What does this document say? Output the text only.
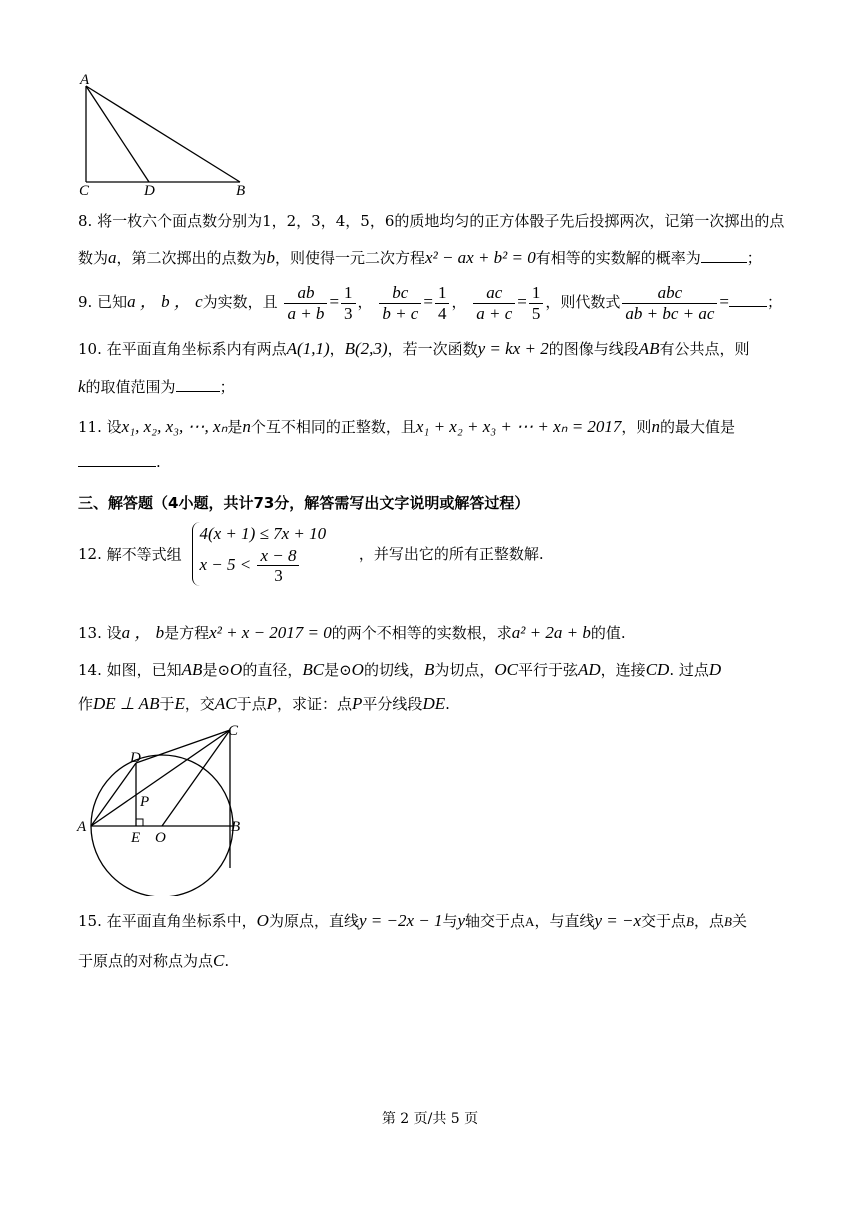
A
C	D	B
8. 将一枚六个面点数分别为1，2，3，4，5，6的质地均匀的正方体骰子先后投掷两次，记第一次掷出的点
数为a，第二次掷出的点数为b，则使得一元二次方程x² − ax + b² = 0有相等的实数解的概率为	；
9. 已知a ， b ， c为实数，且 $\frac{ab}{a + b} = \frac{1}{3}$ ， $\frac{bc}{b + c} = \frac{1}{4}$ ， $\frac{ac}{a + c} = \frac{1}{5}$ ，则代数式 $\frac{\text{abc}}{ab + bc + ac}$ =	；
10. 在平面直角坐标系内有两点A(1,1)，B(2,3)，若一次函数y = kx + 2的图像与线段AB有公共点，则
k的取值范围为	；
11. 设x₁, x₂, x₃, ⋯, xₙ是n个互不相同的正整数，且x₁ + x₂ + x₃ + ⋯ + xₙ = 2017，则n的最大值是
.
三、解答题（4小题，共计73分，解答需写出文字说明或解答过程）
12. 解不等式组
4(x + 1) ≤ 7x + 10
$x - 5 < \frac{x - 8}{3}$	，并写出它的所有正整数解.
13. 设a ， b是方程x² + x − 2017 = 0的两个不相等的实数根，求a² + 2a + b的值.
14. 如图，已知AB是⊙O的直径，BC是⊙O的切线，B为切点，OC平行于弦AD，连接CD. 过点D
作DE ⊥ AB于E，交AC于点P，求证：点P平分线段DE.
C
D
P
A
E O
B
15. 在平面直角坐标系中，O为原点，直线y = −2x − 1与y轴交于点A，与直线y = −x交于点B，点B关
于原点的对称点为点C.
第 2 页/共 5 页
